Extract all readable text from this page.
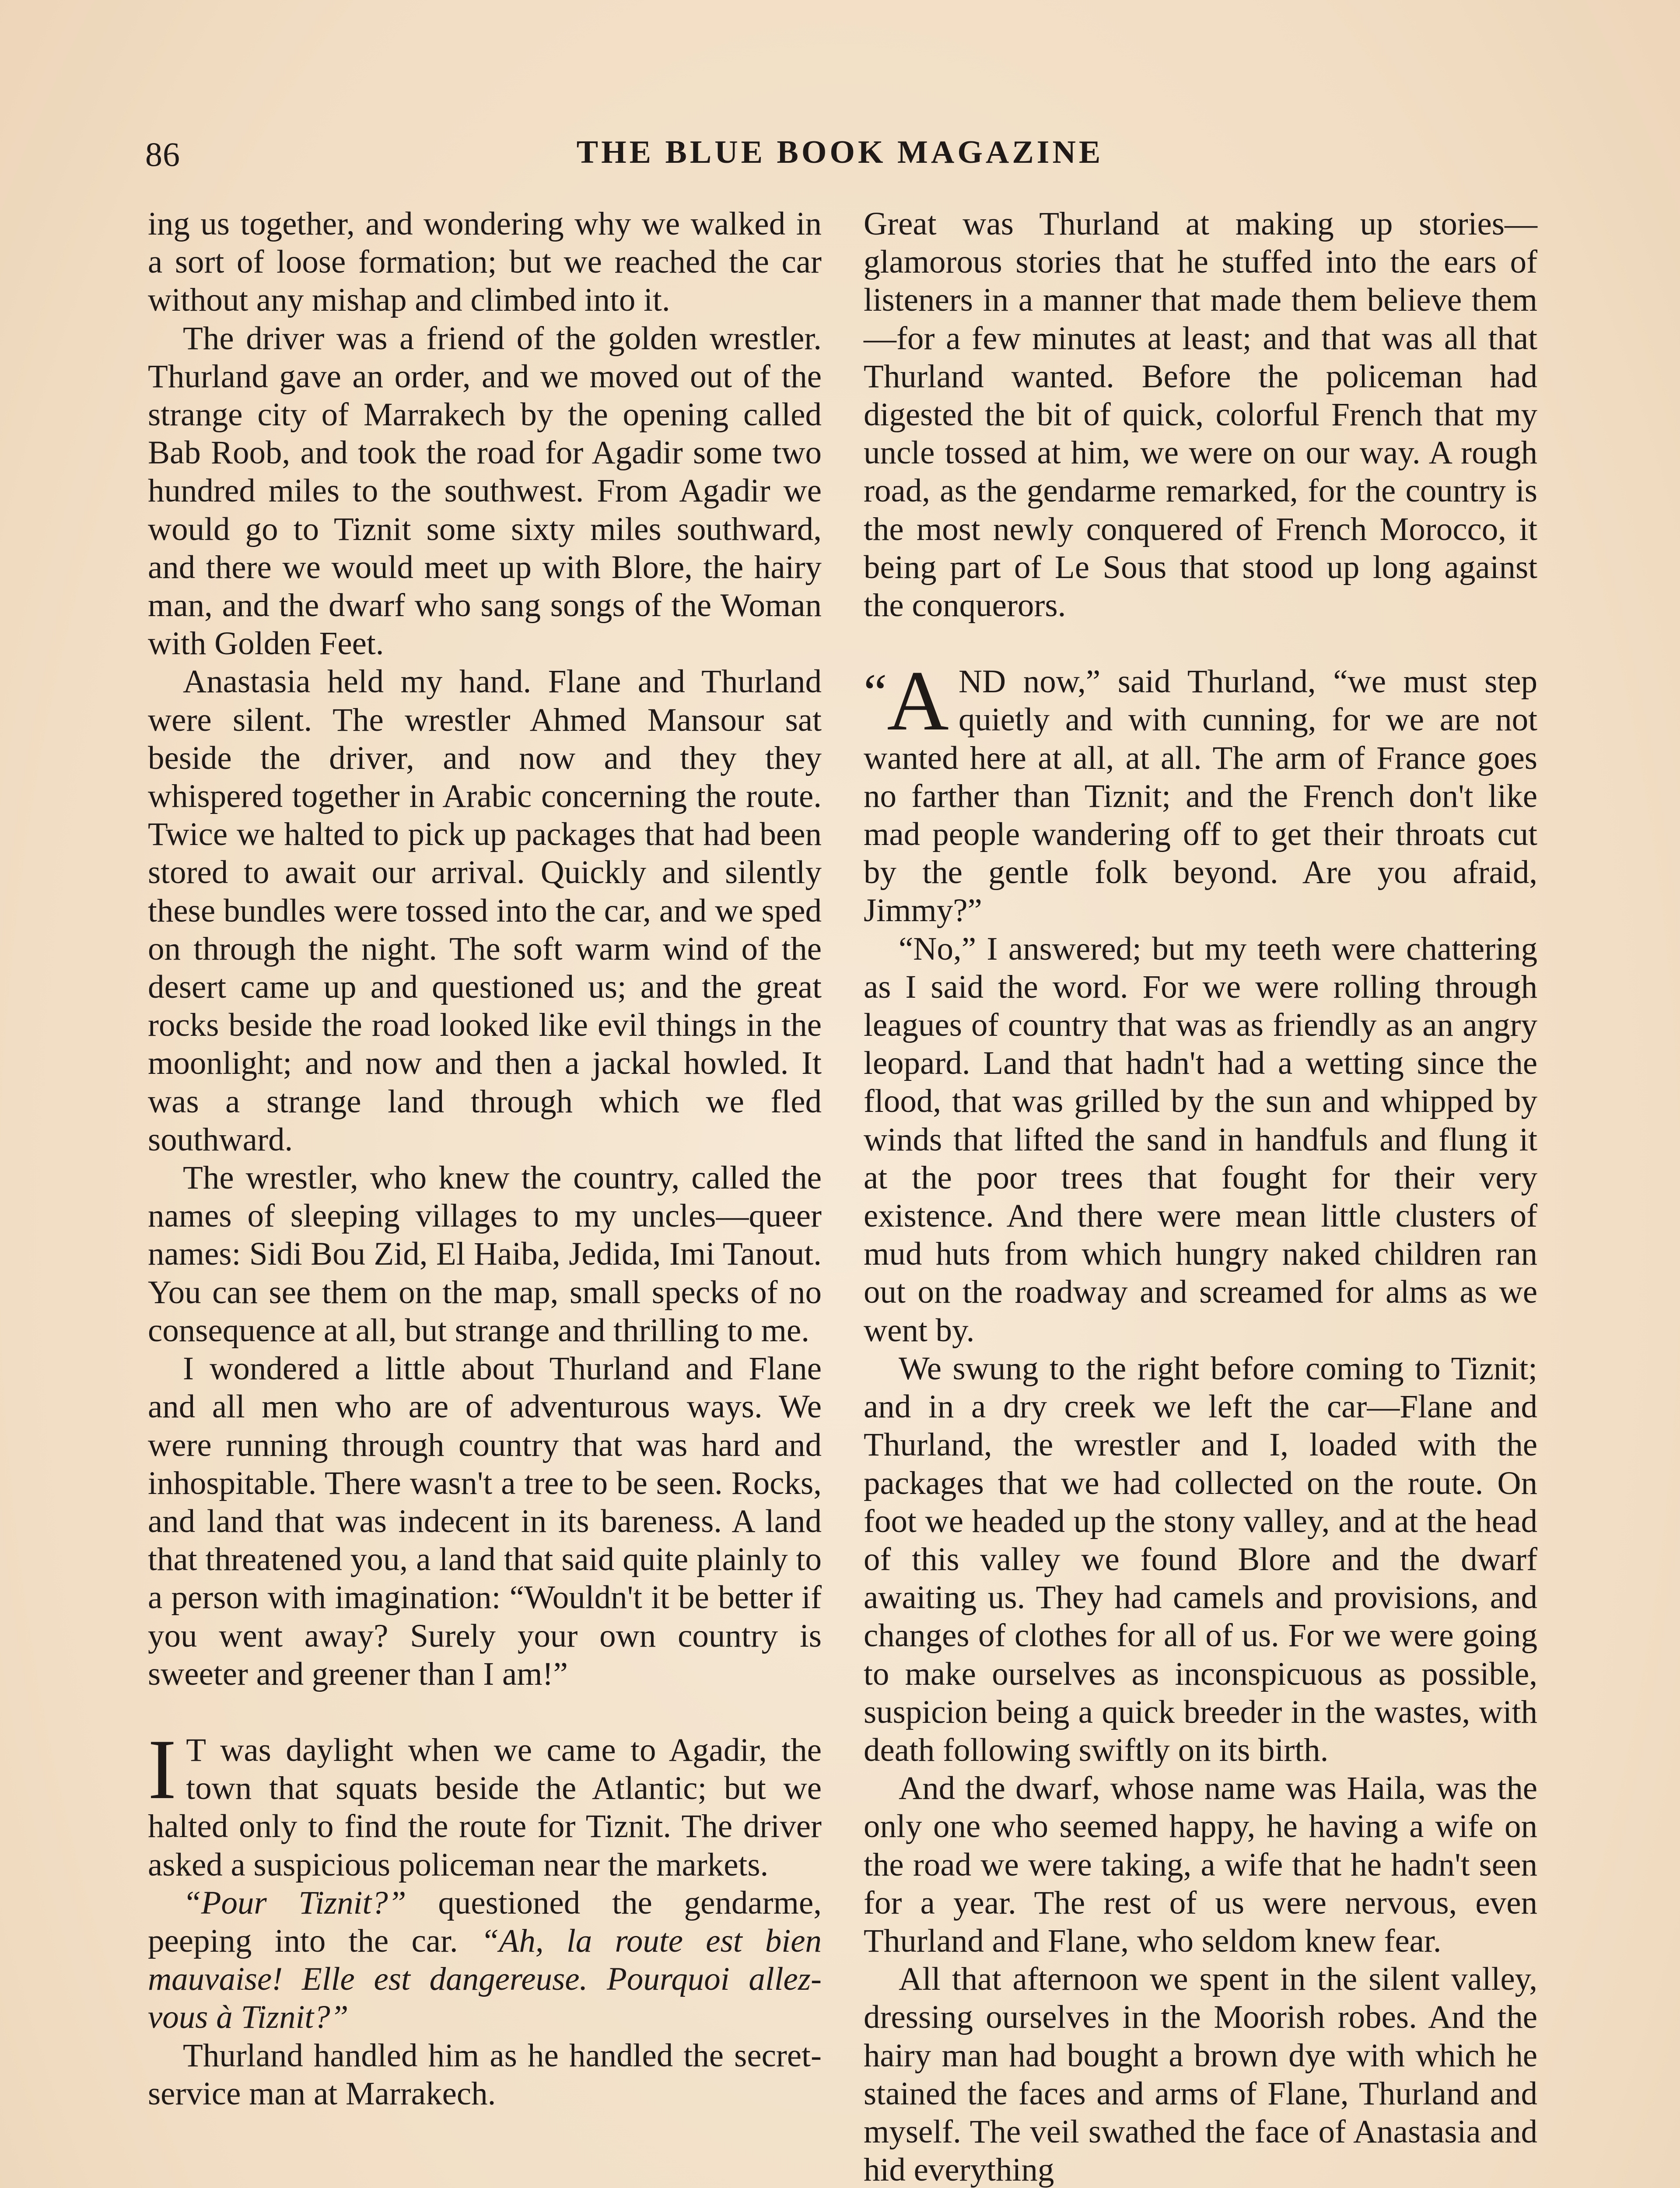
86	THE BLUE BOOK MAGAZINE

ing us together, and wondering why we walked in a sort of loose formation; but we reached the car without any mishap and climbed into it.

The driver was a friend of the golden wrestler. Thurland gave an order, and we moved out of the strange city of Marrakech by the opening called Bab Roob, and took the road for Agadir some two hundred miles to the southwest. From Agadir we would go to Tiznit some sixty miles southward, and there we would meet up with Blore, the hairy man, and the dwarf who sang songs of the Woman with Golden Feet.

Anastasia held my hand. Flane and Thurland were silent. The wrestler Ahmed Mansour sat beside the driver, and now and they they whispered together in Arabic concerning the route. Twice we halted to pick up packages that had been stored to await our arrival. Quickly and silently these bundles were tossed into the car, and we sped on through the night. The soft warm wind of the desert came up and questioned us; and the great rocks beside the road looked like evil things in the moonlight; and now and then a jackal howled. It was a strange land through which we fled southward.

The wrestler, who knew the country, called the names of sleeping villages to my uncles—queer names: Sidi Bou Zid, El Haiba, Jedida, Imi Tanout. You can see them on the map, small specks of no consequence at all, but strange and thrilling to me.

I wondered a little about Thurland and Flane and all men who are of adventurous ways. We were running through country that was hard and inhospitable. There wasn't a tree to be seen. Rocks, and land that was indecent in its bareness. A land that threatened you, a land that said quite plainly to a person with imagination: “Wouldn't it be better if you went away? Surely your own country is sweeter and greener than I am!”

I T was daylight when we came to Agadir, the town that squats beside the Atlantic; but we halted only to find the route for Tiznit. The driver asked a suspicious policeman near the markets.

“Pour Tiznit?” questioned the gendarme, peeping into the car. “Ah, la route est bien mauvaise! Elle est dangereuse. Pourquoi allez-vous à Tiznit?”

Thurland handled him as he handled the secret-service man at Marrakech.

Great was Thurland at making up stories—glamorous stories that he stuffed into the ears of listeners in a manner that made them believe them—for a few minutes at least; and that was all that Thurland wanted. Before the policeman had digested the bit of quick, colorful French that my uncle tossed at him, we were on our way. A rough road, as the gendarme remarked, for the country is the most newly conquered of French Morocco, it being part of Le Sous that stood up long against the conquerors.

“A ND now,” said Thurland, “we must step quietly and with cunning, for we are not wanted here at all, at all. The arm of France goes no farther than Tiznit; and the French don't like mad people wandering off to get their throats cut by the gentle folk beyond. Are you afraid, Jimmy?”

“No,” I answered; but my teeth were chattering as I said the word. For we were rolling through leagues of country that was as friendly as an angry leopard. Land that hadn't had a wetting since the flood, that was grilled by the sun and whipped by winds that lifted the sand in handfuls and flung it at the poor trees that fought for their very existence. And there were mean little clusters of mud huts from which hungry naked children ran out on the roadway and screamed for alms as we went by.

We swung to the right before coming to Tiznit; and in a dry creek we left the car—Flane and Thurland, the wrestler and I, loaded with the packages that we had collected on the route. On foot we headed up the stony valley, and at the head of this valley we found Blore and the dwarf awaiting us. They had camels and provisions, and changes of clothes for all of us. For we were going to make ourselves as inconspicuous as possible, suspicion being a quick breeder in the wastes, with death following swiftly on its birth.

And the dwarf, whose name was Haila, was the only one who seemed happy, he having a wife on the road we were taking, a wife that he hadn't seen for a year. The rest of us were nervous, even Thurland and Flane, who seldom knew fear.

All that afternoon we spent in the silent valley, dressing ourselves in the Moorish robes. And the hairy man had bought a brown dye with which he stained the faces and arms of Flane, Thurland and myself. The veil swathed the face of Anastasia and hid everything
